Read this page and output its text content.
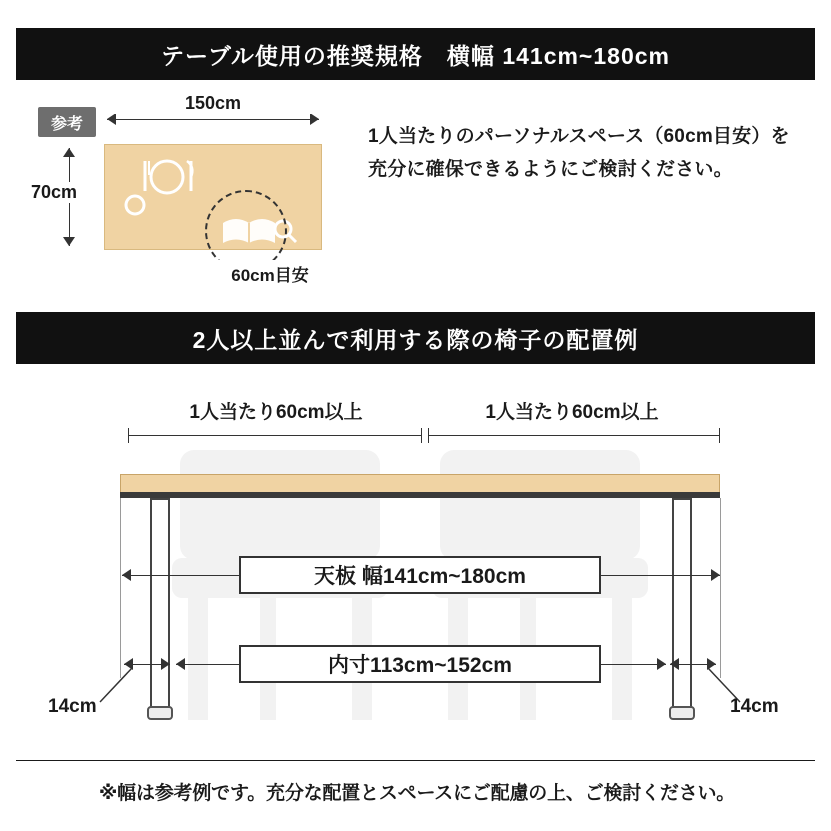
テーブル使用の推奨規格　横幅 141cm~180cm
参考
150cm
70cm
60cm目安
1人当たりのパーソナルスペース（60cm目安）を充分に確保できるようにご検討ください。
2人以上並んで利用する際の椅子の配置例
1人当たり60cm以上	1人当たり60cm以上
天板 幅141cm~180cm
内寸113cm~152cm
14cm	14cm
※幅は参考例です。充分な配置とスペースにご配慮の上、ご検討ください。
